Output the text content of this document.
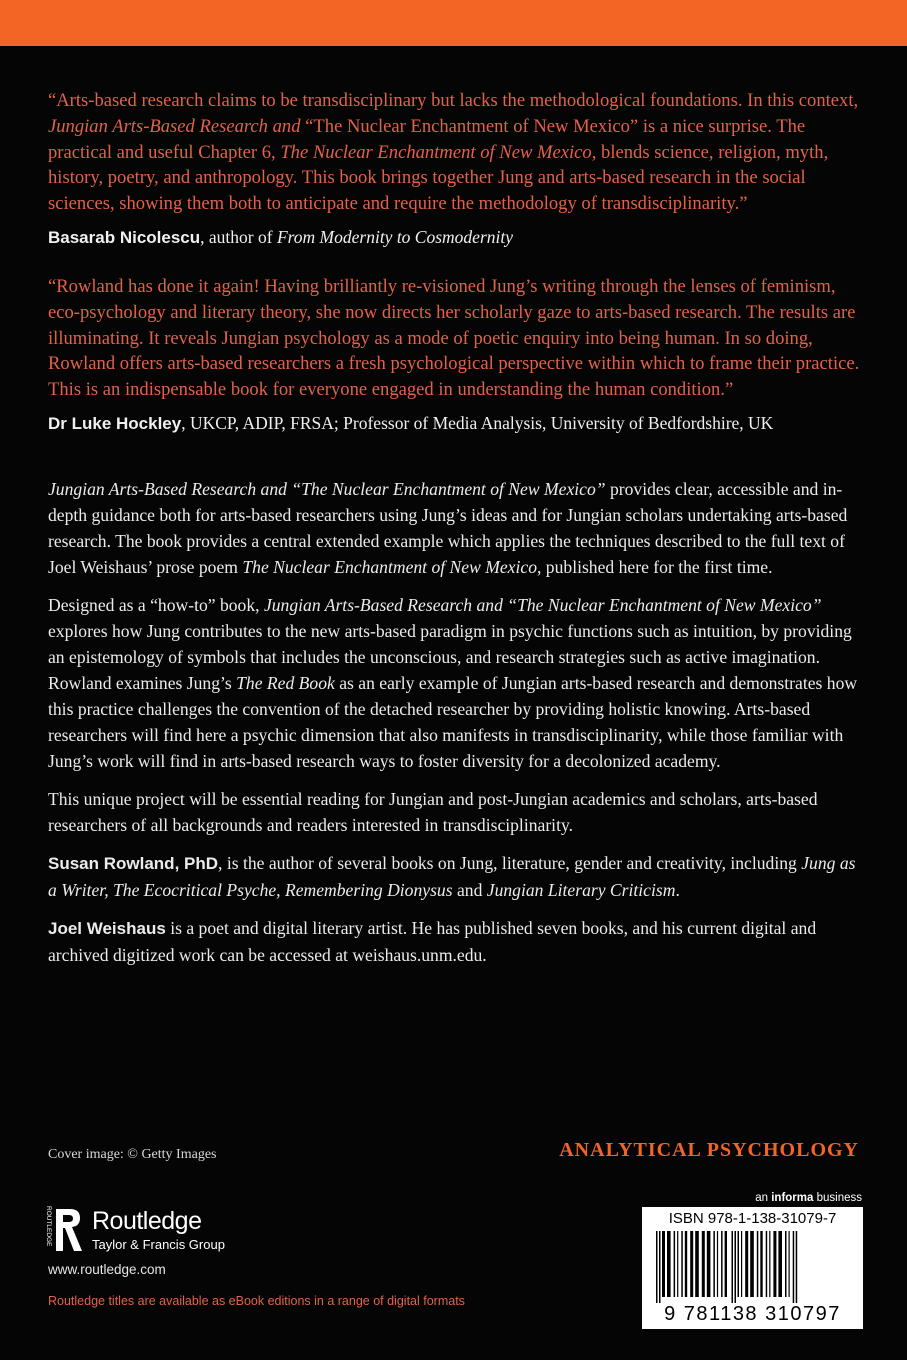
“Arts-based research claims to be transdisciplinary but lacks the methodological foundations. In this context, Jungian Arts-Based Research and “The Nuclear Enchantment of New Mexico” is a nice surprise. The practical and useful Chapter 6, The Nuclear Enchantment of New Mexico, blends science, religion, myth, history, poetry, and anthropology. This book brings together Jung and arts-based research in the social sciences, showing them both to anticipate and require the methodology of transdisciplinarity.”

Basarab Nicolescu, author of From Modernity to Cosmodernity

“Rowland has done it again! Having brilliantly re-visioned Jung’s writing through the lenses of feminism, eco-psychology and literary theory, she now directs her scholarly gaze to arts-based research. The results are illuminating. It reveals Jungian psychology as a mode of poetic enquiry into being human. In so doing, Rowland offers arts-based researchers a fresh psychological perspective within which to frame their practice. This is an indispensable book for everyone engaged in understanding the human condition.”

Dr Luke Hockley, UKCP, ADIP, FRSA; Professor of Media Analysis, University of Bedfordshire, UK

Jungian Arts-Based Research and “The Nuclear Enchantment of New Mexico” provides clear, accessible and in-depth guidance both for arts-based researchers using Jung’s ideas and for Jungian scholars undertaking arts-based research. The book provides a central extended example which applies the techniques described to the full text of Joel Weishaus’ prose poem The Nuclear Enchantment of New Mexico, published here for the first time.

Designed as a “how-to” book, Jungian Arts-Based Research and “The Nuclear Enchantment of New Mexico” explores how Jung contributes to the new arts-based paradigm in psychic functions such as intuition, by providing an epistemology of symbols that includes the unconscious, and research strategies such as active imagination. Rowland examines Jung’s The Red Book as an early example of Jungian arts-based research and demonstrates how this practice challenges the convention of the detached researcher by providing holistic knowing. Arts-based researchers will find here a psychic dimension that also manifests in transdisciplinarity, while those familiar with Jung’s work will find in arts-based research ways to foster diversity for a decolonized academy.

This unique project will be essential reading for Jungian and post-Jungian academics and scholars, arts-based researchers of all backgrounds and readers interested in transdisciplinarity.

Susan Rowland, PhD, is the author of several books on Jung, literature, gender and creativity, including Jung as a Writer, The Ecocritical Psyche, Remembering Dionysus and Jungian Literary Criticism.

Joel Weishaus is a poet and digital literary artist. He has published seven books, and his current digital and archived digitized work can be accessed at weishaus.unm.edu.

Cover image: © Getty Images	ANALYTICAL PSYCHOLOGY
ROUTLEDGE Routledge
Taylor & Francis Group
www.routledge.com
Routledge titles are available as eBook editions in a range of digital formats
an informa business
ISBN 978-1-138-31079-7
9 781138 310797
